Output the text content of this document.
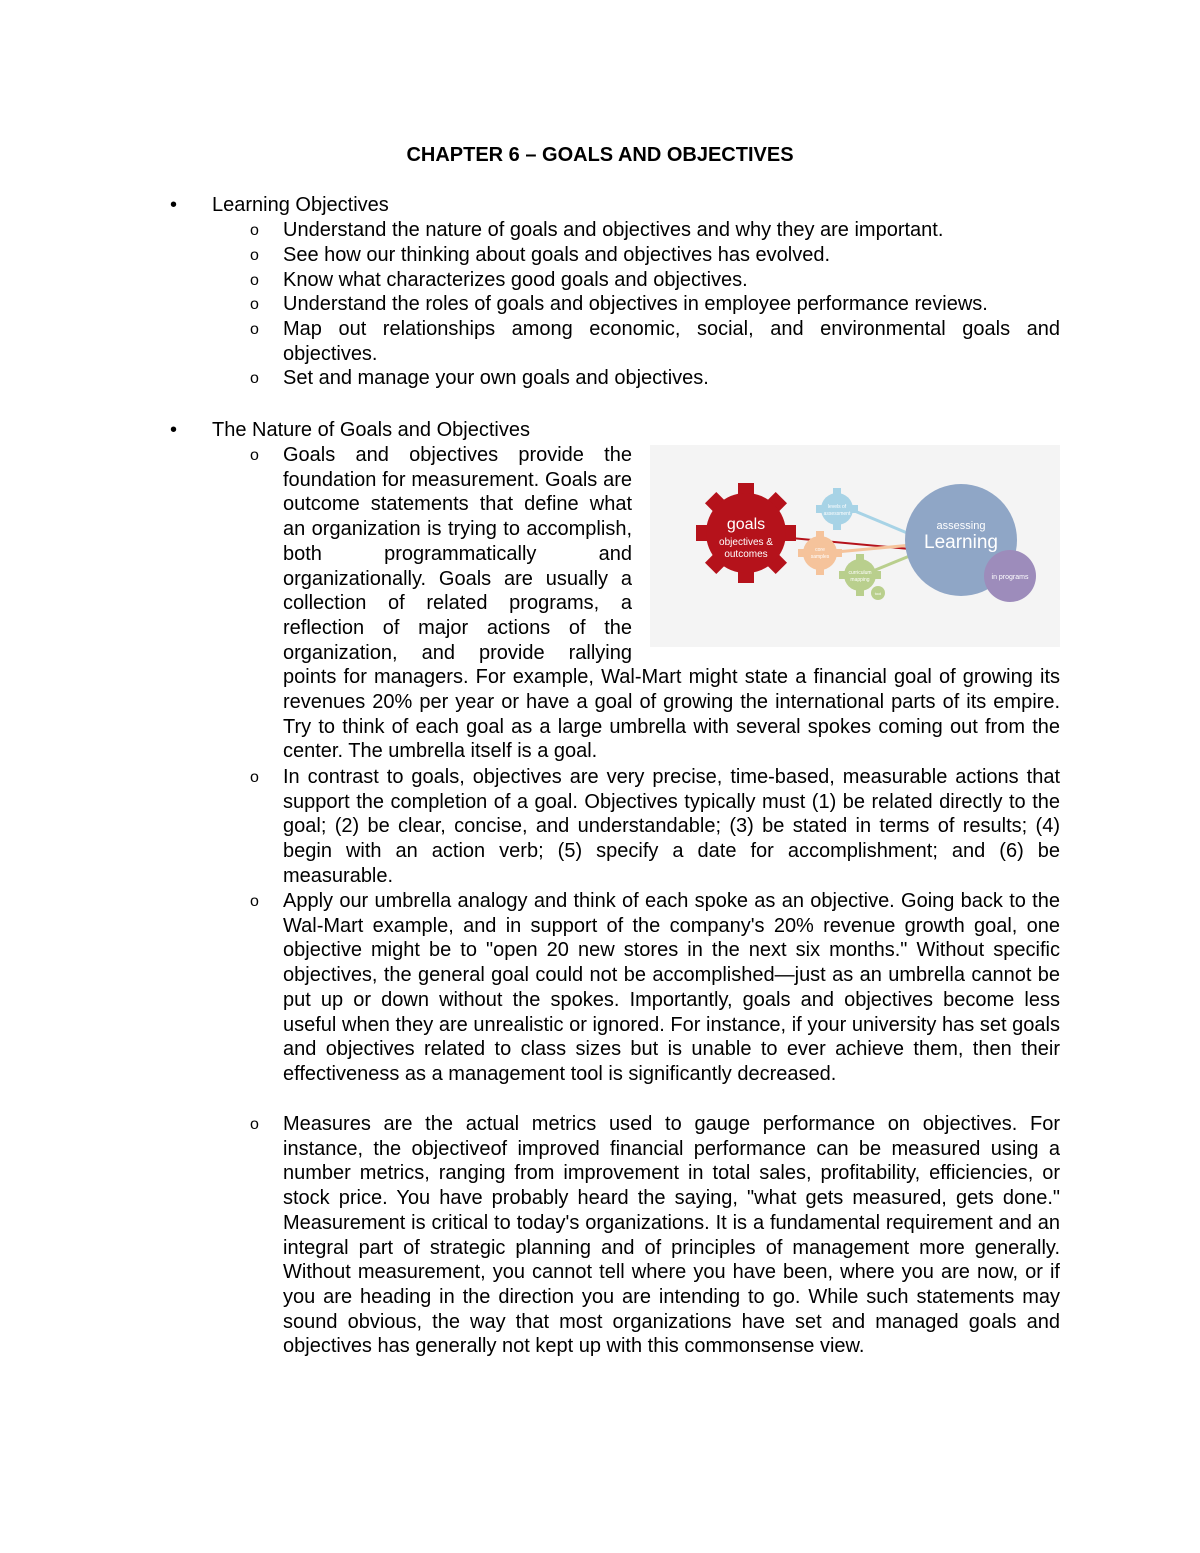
CHAPTER 6 – GOALS AND OBJECTIVES
•	Learning Objectives
o Understand the nature of goals and objectives and why they are important.
o See how our thinking about goals and objectives has evolved.
o Know what characterizes good goals and objectives.
o Understand the roles of goals and objectives in employee performance reviews.
o Map out relationships among economic, social, and environmental goals and objectives.
o Set and manage your own goals and objectives.
•	The Nature of Goals and Objectives
o
assessing
Learning
in programs
goals
objectives &
outcomes
levels of
assessment
core
samples
curriculum
mapping
tool
Goals and objectives provide the foundation for measurement. Goals are outcome statements that define what an organization is trying to accomplish, both programmatically and organizationally. Goals are usually a collection of related programs, a reflection of major actions of the organization, and provide rallying points for managers. For example, Wal-Mart might state a financial goal of growing its revenues 20% per year or have a goal of growing the international parts of its empire. Try to think of each goal as a large umbrella with several spokes coming out from the center. The umbrella itself is a goal.
o In contrast to goals, objectives are very precise, time-based, measurable actions that support the completion of a goal. Objectives typically must (1) be related directly to the goal; (2) be clear, concise, and understandable; (3) be stated in terms of results; (4) begin with an action verb; (5) specify a date for accomplishment; and (6) be measurable.
o Apply our umbrella analogy and think of each spoke as an objective. Going back to the Wal-Mart example, and in support of the company's 20% revenue growth goal, one objective might be to "open 20 new stores in the next six months." Without specific objectives, the general goal could not be accomplished—just as an umbrella cannot be put up or down without the spokes. Importantly, goals and objectives become less useful when they are unrealistic or ignored. For instance, if your university has set goals and objectives related to class sizes but is unable to ever achieve them, then their effectiveness as a management tool is significantly decreased.
o Measures are the actual metrics used to gauge performance on objectives. For instance, the objectiveof improved financial performance can be measured using a number metrics, ranging from improvement in total sales, profitability, efficiencies, or stock price. You have probably heard the saying, "what gets measured, gets done." Measurement is critical to today's organizations. It is a fundamental requirement and an integral part of strategic planning and of principles of management more generally. Without measurement, you cannot tell where you have been, where you are now, or if you are heading in the direction you are intending to go. While such statements may sound obvious, the way that most organizations have set and managed goals and objectives has generally not kept up with this commonsense view.
